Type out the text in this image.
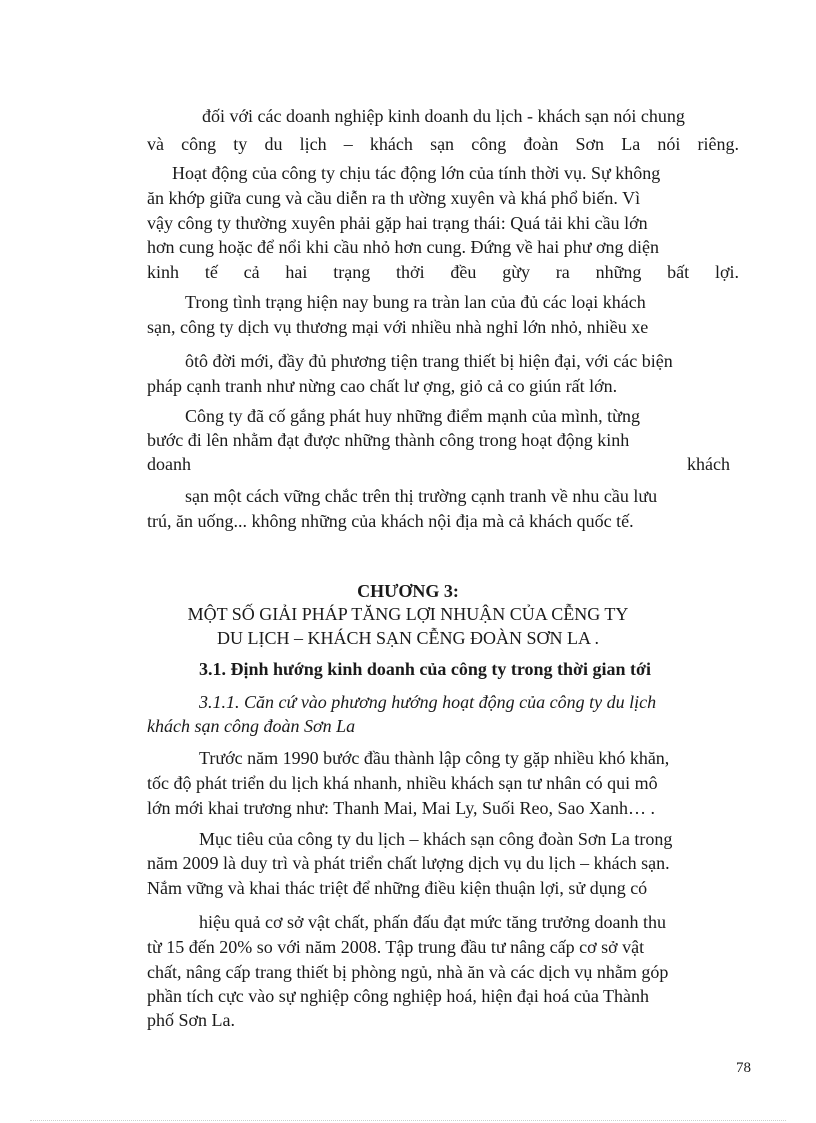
đối với các doanh nghiệp kinh doanh du lịch - khách sạn nói chung
và công ty du lịch – khách sạn công đoàn Sơn La nói riêng.
Hoạt động của công ty chịu tác động lớn của tính thời vụ. Sự không
ăn khớp giữa cung và cầu diễn ra th ường xuyên và khá phổ biến. Vì
vậy công ty thường xuyên phải gặp hai trạng thái: Quá tải khi cầu lớn
hơn cung hoặc để nổi khi cầu nhỏ hơn cung. Đứng về hai phư ơng diện
kinh tế cả hai trạng thởi đều gừy ra những bất lợi.
Trong tình trạng hiện nay bung ra tràn lan của đủ các loại khách
sạn, công ty dịch vụ thương mại với nhiều nhà nghỉ lớn nhỏ, nhiều xe
ôtô đời mới, đầy đủ phương tiện trang thiết bị hiện đại, với các biện
pháp cạnh tranh như nừng cao chất lư ợng, giỏ cả co giún rất lớn.
Công ty đã cố gắng phát huy những điểm mạnh của mình, từng
bước đi lên nhằm đạt được những thành công trong hoạt động kinh
doanh	khách
sạn một cách vững chắc trên thị trường cạnh tranh về nhu cầu lưu
trú, ăn uống... không những của khách nội địa mà cả khách quốc tế.
CHƯƠNG 3:
MỘT SỐ GIẢI PHÁP TĂNG LỢI NHUẬN CỦA CỄNG TY
DU LỊCH – KHÁCH SẠN CỄNG ĐOÀN SƠN LA .
3.1. Định hướng kinh doanh của công ty trong thời gian tới
3.1.1. Căn cứ vào phương hướng hoạt động của công ty du lịch
khách sạn công đoàn Sơn La
Trước năm 1990 bước đầu thành lập công ty gặp nhiều khó khăn,
tốc độ phát triển du lịch khá nhanh, nhiều khách sạn tư nhân có qui mô
lớn mới khai trương như: Thanh Mai, Mai Ly, Suối Reo, Sao Xanh… .
Mục tiêu của công ty du lịch – khách sạn công đoàn Sơn La trong
năm 2009 là duy trì và phát triển chất lượng dịch vụ du lịch – khách sạn.
Nắm vững và khai thác triệt để những điều kiện thuận lợi, sử dụng có
hiệu quả cơ sở vật chất, phấn đấu đạt mức tăng trưởng doanh thu
từ 15 đến 20% so với năm 2008. Tập trung đầu tư nâng cấp cơ sở vật
chất, nâng cấp trang thiết bị phòng ngủ, nhà ăn và các dịch vụ nhằm góp
phần tích cực vào sự nghiệp công nghiệp hoá, hiện đại hoá của Thành
phố Sơn La.
78
